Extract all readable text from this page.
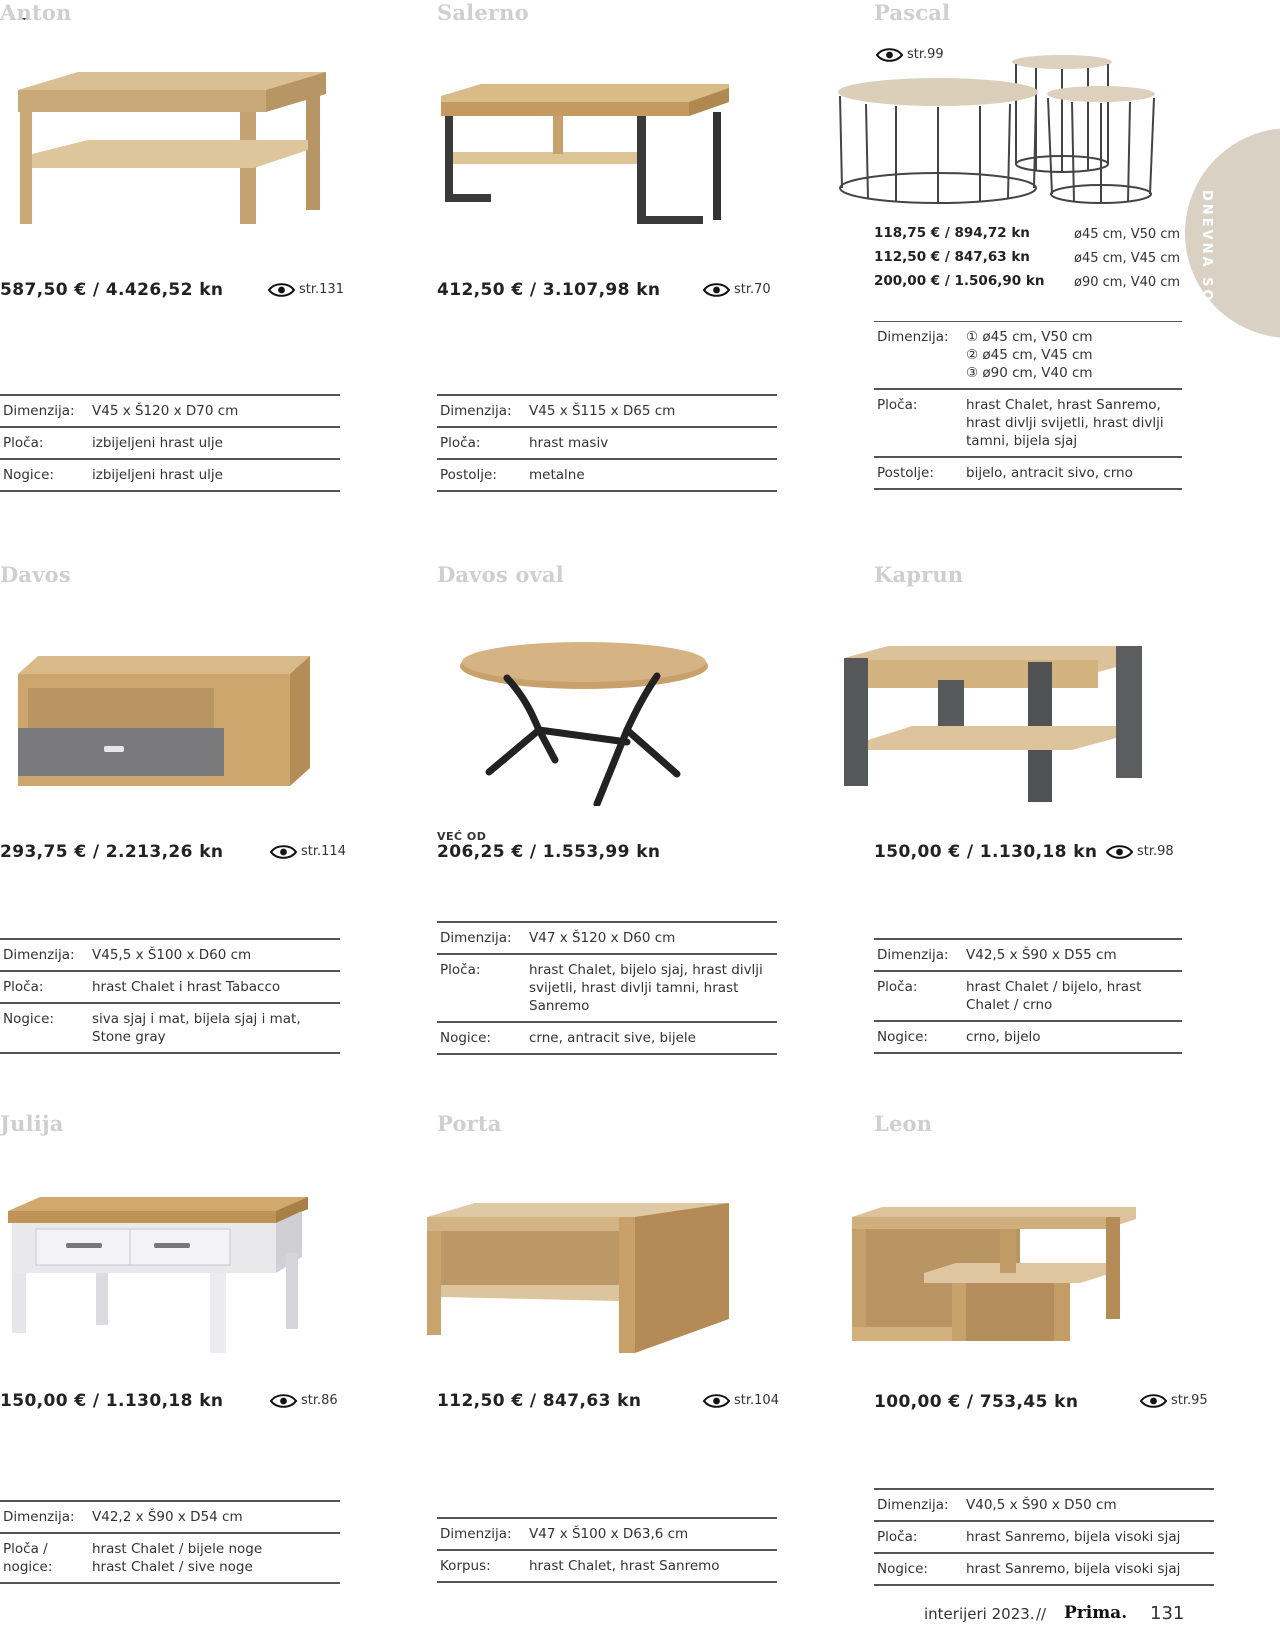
DNEVNA SOBA
Anton
587,50 € / 4.426,52 kn	str.131
Dimenzija:	V45 x Š120 x D70 cm
Ploča:	izbijeljeni hrast ulje
Nogice:	izbijeljeni hrast ulje
Salerno
412,50 € / 3.107,98 kn	str.70
Dimenzija:	V45 x Š115 x D65 cm
Ploča:	hrast masiv
Postolje:	metalne
Pascal
str.99
118,75 € / 894,72 kn	ø45 cm, V50 cm
112,50 € / 847,63 kn	ø45 cm, V45 cm
200,00 € / 1.506,90 kn	ø90 cm, V40 cm
Dimenzija:	① ø45 cm, V50 cm
② ø45 cm, V45 cm
③ ø90 cm, V40 cm
Ploča:	hrast Chalet, hrast Sanremo, hrast divlji svijetli, hrast divlji tamni, bijela sjaj
Postolje:	bijelo, antracit sivo, crno
Davos
293,75 € / 2.213,26 kn	str.114
Dimenzija:	V45,5 x Š100 x D60 cm
Ploča:	hrast Chalet i hrast Tabacco
Nogice:	siva sjaj i mat, bijela sjaj i mat, Stone gray
Davos oval
VEĆ OD
206,25 € / 1.553,99 kn
Dimenzija:	V47 x Š120 x D60 cm
Ploča:	hrast Chalet, bijelo sjaj, hrast divlji svijetli, hrast divlji tamni, hrast Sanremo
Nogice:	crne, antracit sive, bijele
Kaprun
150,00 € / 1.130,18 kn	str.98
Dimenzija:	V42,5 x Š90 x D55 cm
Ploča:	hrast Chalet / bijelo, hrast Chalet / crno
Nogice:	crno, bijelo
Julija
150,00 € / 1.130,18 kn	str.86
Dimenzija:	V42,2 x Š90 x D54 cm
Ploča / nogice:
hrast Chalet / bijele noge
hrast Chalet / sive noge
Porta
112,50 € / 847,63 kn	str.104
Dimenzija:	V47 x Š100 x D63,6 cm
Korpus:	hrast Chalet, hrast Sanremo
Leon
100,00 € / 753,45 kn	str.95
Dimenzija:	V40,5 x Š90 x D50 cm
Ploča:	hrast Sanremo, bijela visoki sjaj
Nogice:	hrast Sanremo, bijela visoki sjaj
interijeri 2023. // Prima. 131
